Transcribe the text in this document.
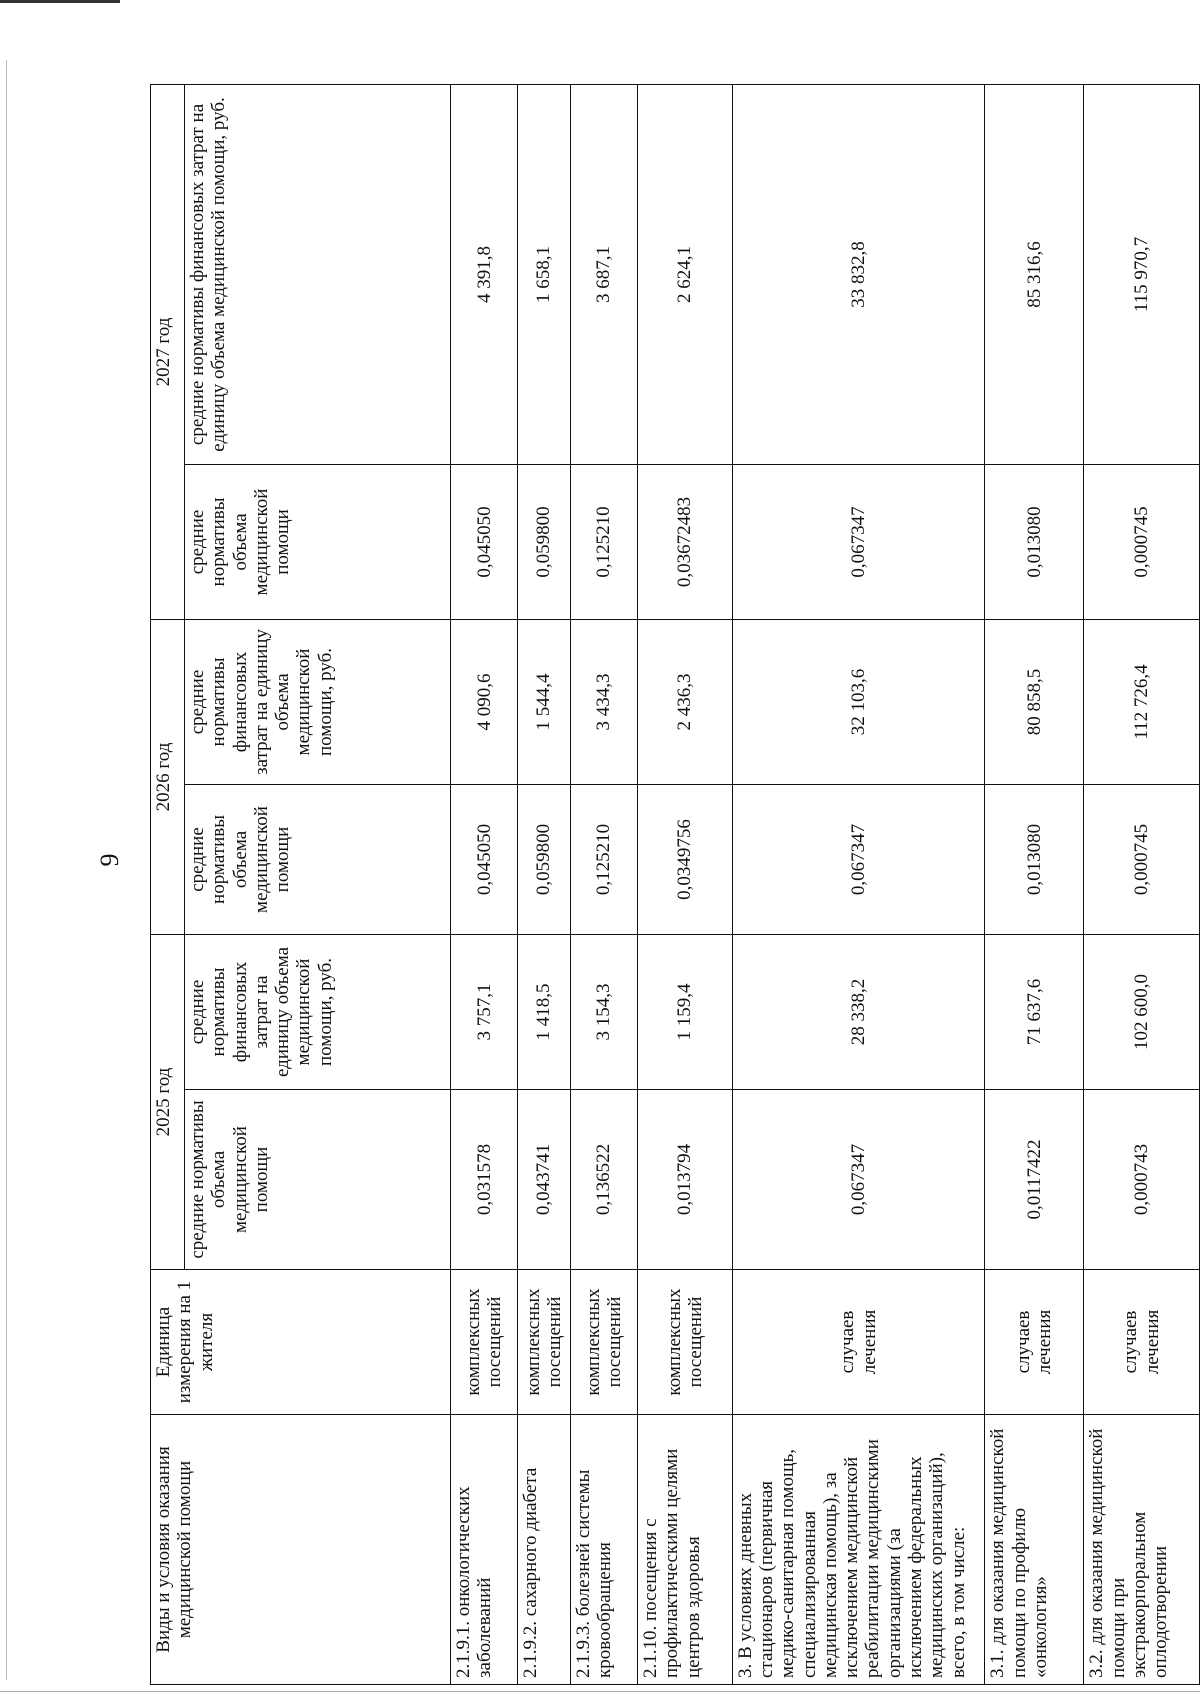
9
Виды и условия оказания медицинской помощи	Единица измерения на 1 жителя	2025 год		2026 год		2027 год	
		средние нормативы объема медицинской помощи	средние нормативы финансовых затрат на единицу объема медицинской помощи, руб.	средние нормативы объема медицинской помощи	средние нормативы финансовых затрат на единицу объема медицинской помощи, руб.	средние нормативы объема медицинской помощи	средние нормативы финансовых затрат на единицу объема медицинской помощи, руб.
2.1.9.1. онкологических заболеваний	комплексных посещений	0,031578	3 757,1	0,045050	4 090,6	0,045050	4 391,8
2.1.9.2. сахарного диабета	комплексных посещений	0,043741	1 418,5	0,059800	1 544,4	0,059800	1 658,1
2.1.9.3. болезней системы кровообращения	комплексных посещений	0,136522	3 154,3	0,125210	3 434,3	0,125210	3 687,1
2.1.10. посещения с профилактическими целями центров здоровья	комплексных посещений	0,013794	1 159,4	0,0349756	2 436,3	0,03672483	2 624,1
3. В условиях дневных стационаров (первичная медико-санитарная помощь, специализированная медицинская помощь), за исключением медицинской реабилитации медицинскими организациями (за исключением федеральных медицинских организаций), всего, в том числе:	случаев лечения	0,067347	28 338,2	0,067347	32 103,6	0,067347	33 832,8
3.1. для оказания медицинской помощи по профилю «онкология»	случаев лечения	0,0117422	71 637,6	0,013080	80 858,5	0,013080	85 316,6
3.2. для оказания медицинской помощи при экстракорпоральном оплодотворении	случаев лечения	0,000743	102 600,0	0,000745	112 726,4	0,000745	115 970,7
